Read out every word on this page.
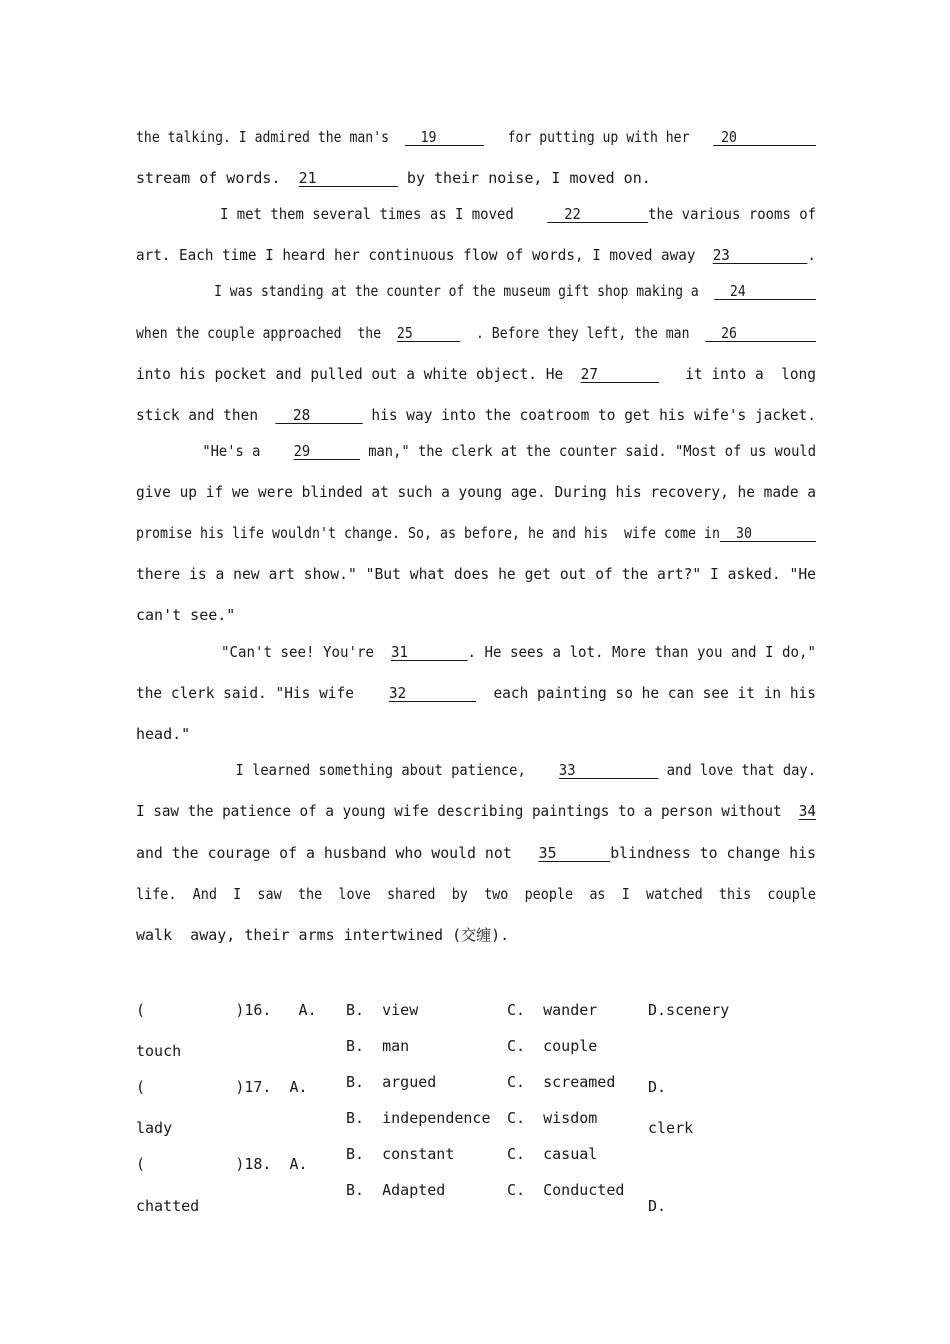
the talking. I admired the man's    19         for putting up with her    20
stream of words.  21          by their noise, I moved on.
I met them several times as I moved      22        the various rooms of
art. Each time I heard her continuous flow of words, I moved away  23         .
I was standing at the counter of the museum gift shop making a    24
when the couple approached  the  25        . Before they left, the man    26
into his pocket and pulled out a white object. He  27          it into a  long
stick and then    28       his way into the coatroom to get his wife's jacket.
"He's a    29       man," the clerk at the counter said. "Most of us would
give up if we were blinded at such a young age. During his recovery, he made a
promise his life wouldn't change. So, as before, he and his  wife come in  30
there is a new art show." "But what does he get out of the art?" I asked. "He
can't see."
"Can't see! You're  31       . He sees a lot. More than you and I do,"
the clerk said. "His wife    32          each painting so he can see it in his
head."
I learned something about patience,    33           and love that day.
I saw the patience of a young wife describing paintings to a person without  34
and the courage of a husband who would not   35      blindness to change his
life.  And  I  saw  the  love  shared  by  two  people  as  I  watched  this  couple
walk  away, their arms intertwined (交缠).
(          )16.   A.
touch
(          )17.  A.
lady
(          )18.  A.
chatted
B.  view
B.  man
B.  argued
B.  independence
B.  constant
B.  Adapted
C.  wander
C.  couple
C.  screamed
C.  wisdom
C.  casual
C.  Conducted
D.scenery
D.
clerk
D.
